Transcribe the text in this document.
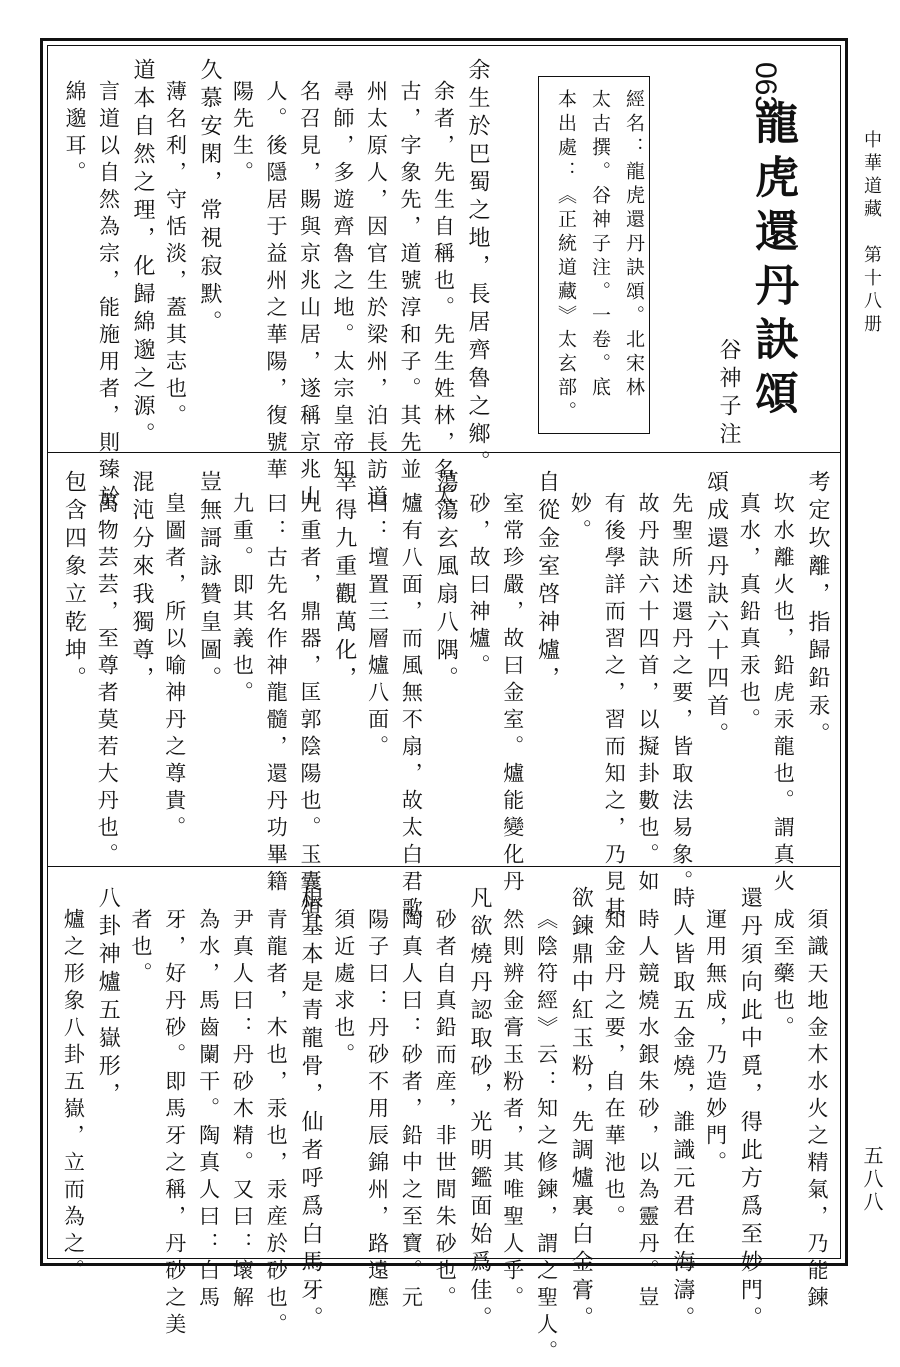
中華道藏　第十八册
五八八
063
龍虎還丹訣頌
谷神子注
經名：龍虎還丹訣頌。北宋林
太古撰。谷神子注。一卷。底
本出處：《正統道藏》太玄部。
余生於巴蜀之地，長居齊魯之鄉。
余者，先生自稱也。先生姓林，名太
古，字象先，道號淳和子。其先並
州太原人，因官生於梁州，泊長訪道
尋師，多遊齊魯之地。太宗皇帝知
名召見，賜與京兆山居，遂稱京兆山
人。後隱居于益州之華陽，復號華
陽先生。
久慕安閑，常視寂默。
薄名利，守恬淡，蓋其志也。
道本自然之理，化歸綿邈之源。
言道以自然為宗，能施用者，則臻於
綿邈耳。
考定坎離，指歸鉛汞。
坎水離火也，鉛虎汞龍也。謂真火
真水，真鉛真汞也。
頌成還丹訣六十四首。
先聖所述還丹之要，皆取法易象。
故丹訣六十四首，以擬卦數也。如
有後學詳而習之，習而知之，乃見其
妙。
自從金室啓神爐，
室常珍嚴，故曰金室。爐能變化丹
砂，故曰神爐。
蕩蕩玄風扇八隅。
爐有八面，而風無不扇，故太白君歌
曰：壇置三層爐八面。
幸得九重觀萬化，
九重者，鼎器，匡郭陰陽也。玉囊頌
曰：古先名作神龍髓，還丹功畢籍
九重。即其義也。
豈無謌詠贊皇圖。
皇圖者，所以喻神丹之尊貴。
混沌分來我獨尊，
萬物芸芸，至尊者莫若大丹也。
包含四象立乾坤。
須識天地金木水火之精氣，乃能鍊
成至藥也。
還丹須向此中覓，得此方爲至妙門。
運用無成，乃造妙門。
時人皆取五金燒，誰識元君在海濤。
時人競燒水銀朱砂，以為靈丹。豈
知金丹之要，自在華池也。
欲鍊鼎中紅玉粉，先調爐裏白金膏。
《陰符經》云：知之修鍊，謂之聖人。
然則辨金膏玉粉者，其唯聖人乎。
凡欲燒丹認取砂，光明鑑面始爲佳。
砂者自真鉛而産，非世間朱砂也。
陶真人曰：砂者，鉛中之至寶。元
陽子曰：丹砂不用辰錦州，路遠應
須近處求也。
根基本是青龍骨，仙者呼爲白馬牙。
青龍者，木也，汞也，汞産於砂也。
尹真人曰：丹砂木精。又曰：壞解
為水，馬齒闌干。陶真人曰：白馬
牙，好丹砂。即馬牙之稱，丹砂之美
者也。
八卦神爐五嶽形，
爐之形象八卦五嶽，立而為之。
